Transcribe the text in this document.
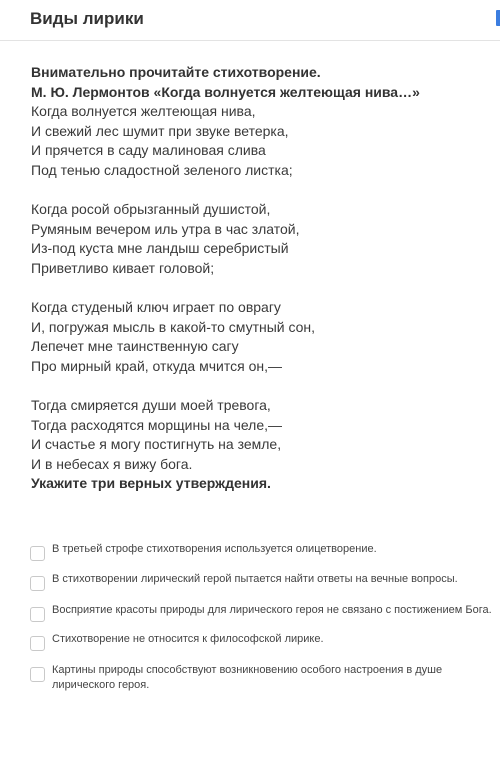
Виды лирики
Внимательно прочитайте стихотворение.
М. Ю. Лермонтов «Когда волнуется желтеющая нива…»
Когда волнуется желтеющая нива,
И свежий лес шумит при звуке ветерка,
И прячется в саду малиновая слива
Под тенью сладостной зеленого листка;
Когда росой обрызганный душистой,
Румяным вечером иль утра в час златой,
Из-под куста мне ландыш серебристый
Приветливо кивает головой;
Когда студеный ключ играет по оврагу
И, погружая мысль в какой-то смутный сон,
Лепечет мне таинственную сагу
Про мирный край, откуда мчится он,—
Тогда смиряется души моей тревога,
Тогда расходятся морщины на челе,—
И счастье я могу постигнуть на земле,
И в небесах я вижу бога.
Укажите три верных утверждения.
В третьей строфе стихотворения используется олицетворение.
В стихотворении лирический герой пытается найти ответы на вечные вопросы.
Восприятие красоты природы для лирического героя не связано с постижением Бога.
Стихотворение не относится к философской лирике.
Картины природы способствуют возникновению особого настроения в душе лирического героя.
